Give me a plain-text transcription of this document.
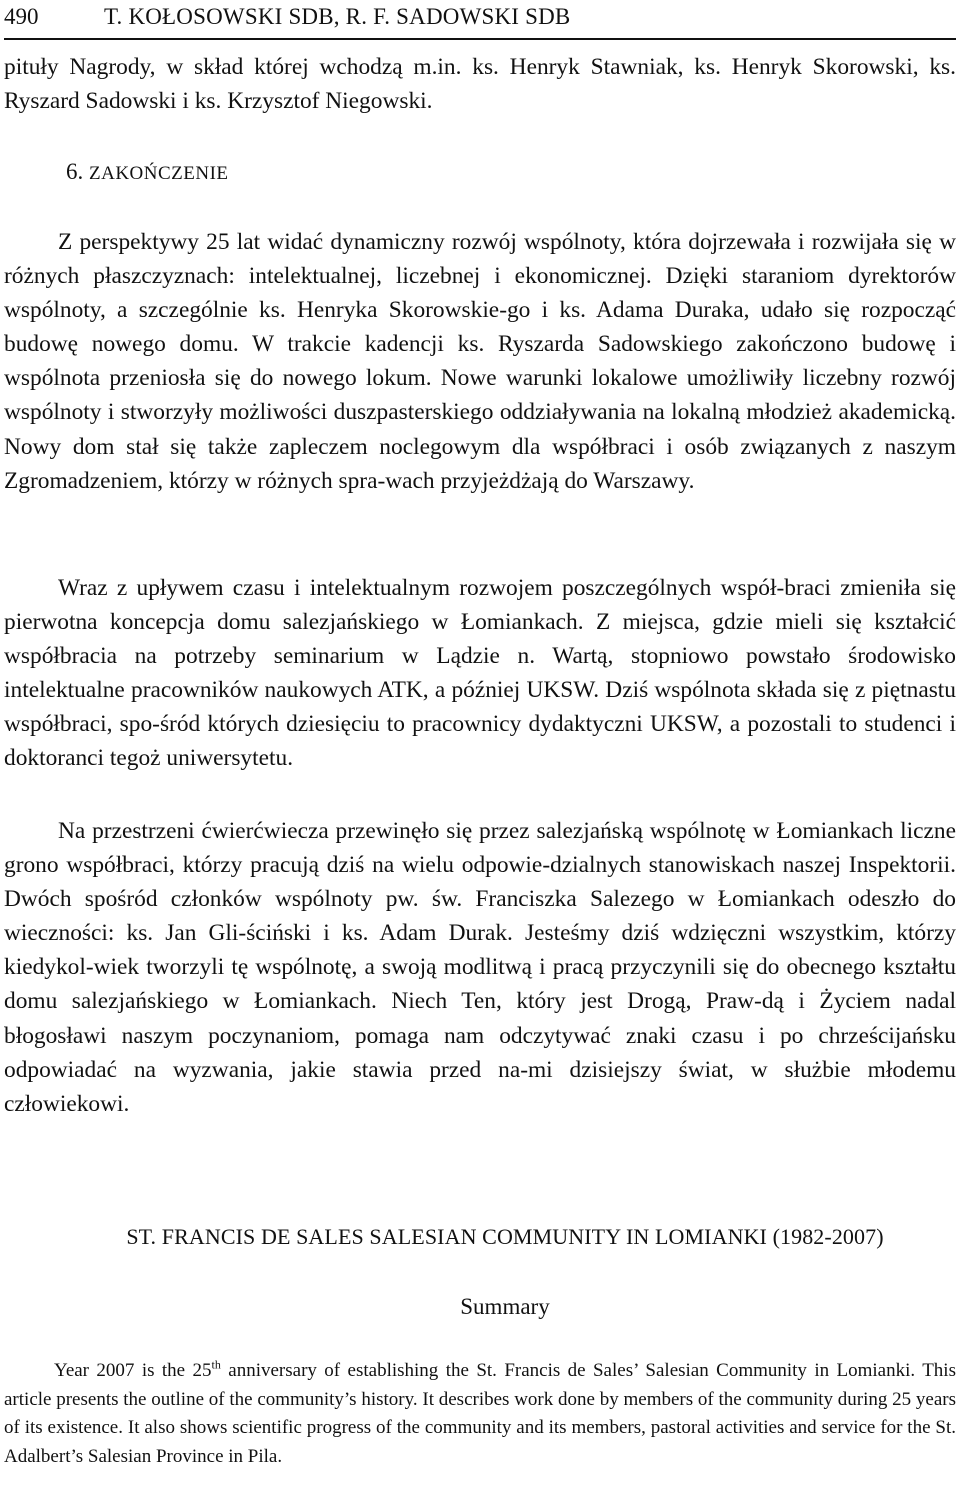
490	T. KOŁOSOWSKI SDB, R. F. SADOWSKI SDB

pituły Nagrody, w skład której wchodzą m.in. ks. Henryk Stawniak, ks. Henryk Skorowski, ks. Ryszard Sadowski i ks. Krzysztof Niegowski.

6. ZAKOŃCZENIE

Z perspektywy 25 lat widać dynamiczny rozwój wspólnoty, która dojrzewała i rozwijała się w różnych płaszczyznach: intelektualnej, liczebnej i ekonomicznej. Dzięki staraniom dyrektorów wspólnoty, a szczególnie ks. Henryka Skorowskie-go i ks. Adama Duraka, udało się rozpocząć budowę nowego domu. W trakcie kadencji ks. Ryszarda Sadowskiego zakończono budowę i wspólnota przeniosła się do nowego lokum. Nowe warunki lokalowe umożliwiły liczebny rozwój wspólnoty i stworzyły możliwości duszpasterskiego oddziaływania na lokalną młodzież akademicką. Nowy dom stał się także zapleczem noclegowym dla współbraci i osób związanych z naszym Zgromadzeniem, którzy w różnych spra-wach przyjeżdżają do Warszawy.

Wraz z upływem czasu i intelektualnym rozwojem poszczególnych współ-braci zmieniła się pierwotna koncepcja domu salezjańskiego w Łomiankach. Z miejsca, gdzie mieli się kształcić współbracia na potrzeby seminarium w Lądzie n. Wartą, stopniowo powstało środowisko intelektualne pracowników naukowych ATK, a później UKSW. Dziś wspólnota składa się z piętnastu współbraci, spo-śród których dziesięciu to pracownicy dydaktyczni UKSW, a pozostali to studenci i doktoranci tegoż uniwersytetu.

Na przestrzeni ćwierćwiecza przewinęło się przez salezjańską wspólnotę w Łomiankach liczne grono współbraci, którzy pracują dziś na wielu odpowie-dzialnych stanowiskach naszej Inspektorii. Dwóch spośród członków wspólnoty pw. św. Franciszka Salezego w Łomiankach odeszło do wieczności: ks. Jan Gli-ściński i ks. Adam Durak. Jesteśmy dziś wdzięczni wszystkim, którzy kiedykol-wiek tworzyli tę wspólnotę, a swoją modlitwą i pracą przyczynili się do obecnego kształtu domu salezjańskiego w Łomiankach. Niech Ten, który jest Drogą, Praw-dą i Życiem nadal błogosławi naszym poczynaniom, pomaga nam odczytywać znaki czasu i po chrześcijańsku odpowiadać na wyzwania, jakie stawia przed na-mi dzisiejszy świat, w służbie młodemu człowiekowi.

ST. FRANCIS DE SALES SALESIAN COMMUNITY IN LOMIANKI (1982-2007)
Summary

Year 2007 is the 25th anniversary of establishing the St. Francis de Sales’ Salesian Community in Lomianki. This article presents the outline of the community’s history. It describes work done by members of the community during 25 years of its existence. It also shows scientific progress of the community and its members, pastoral activities and service for the St. Adalbert’s Salesian Province in Pila.
